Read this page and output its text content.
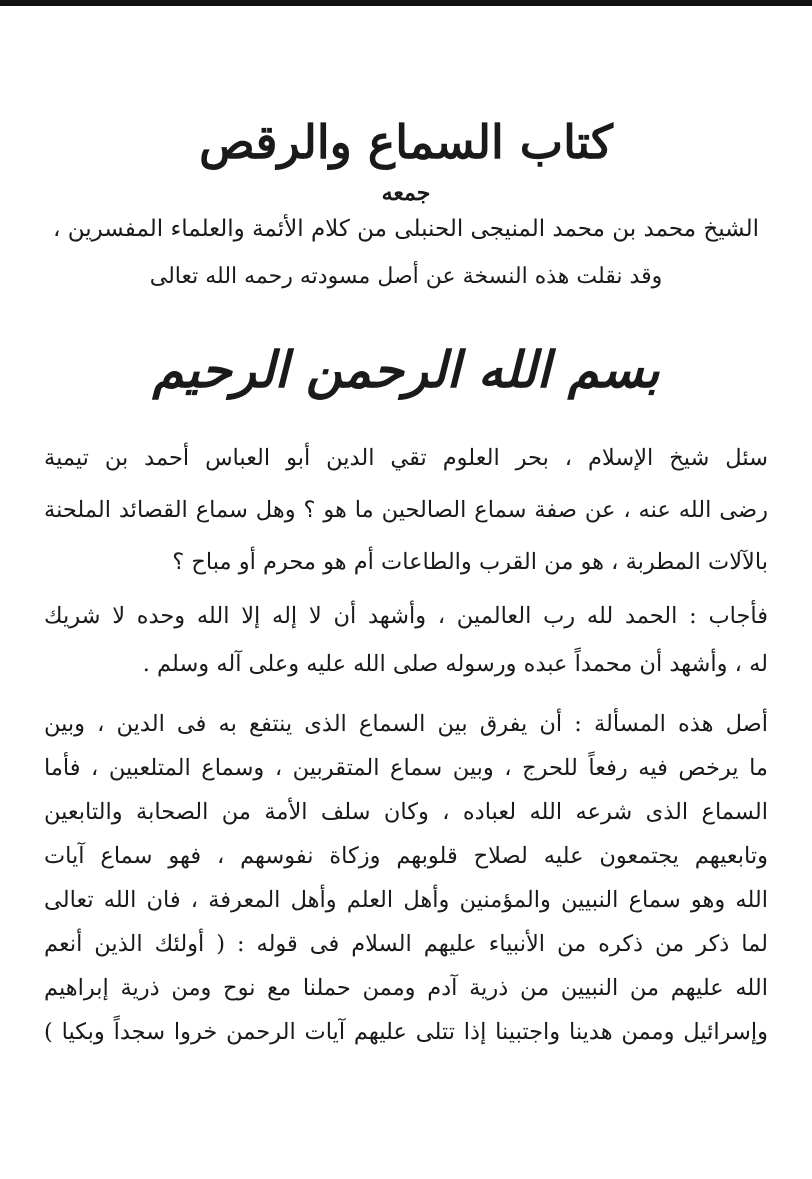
كتاب السماع والرقص
جمعه
الشيخ محمد بن محمد المنيجى الحنبلى من كلام الأئمة والعلماء المفسرين ،
وقد نقلت هذه النسخة عن أصل مسودته رحمه الله تعالى
بسم الله الرحمن الرحيم

سئل شيخ الإسلام ، بحر العلوم تقي الدين أبو العباس أحمد بن تيمية
رضى الله عنه ، عن صفة سماع الصالحين ما هو ؟ وهل سماع القصائد الملحنة
بالآلات المطربة ، هو من القرب والطاعات أم هو محرم أو مباح ؟

فأجاب : الحمد لله رب العالمين ، وأشهد أن لا إله إلا الله وحده لا شريك
له ، وأشهد أن محمداً عبده ورسوله صلى الله عليه وعلى آله وسلم .

أصل هذه المسألة : أن يفرق بين السماع الذى ينتفع به فى الدين ، وبين
ما يرخص فيه رفعاً للحرج ، وبين سماع المتقربين ، وسماع المتلعبين ، فأما
السماع الذى شرعه الله لعباده ، وكان سلف الأمة من الصحابة والتابعين
وتابعيهم يجتمعون عليه لصلاح قلوبهم وزكاة نفوسهم ، فهو سماع آيات
الله وهو سماع النبيين والمؤمنين وأهل العلم وأهل المعرفة ، فان الله تعالى
لما ذكر من ذكره من الأنبياء عليهم السلام فى قوله : ( أولئك الذين أنعم
الله عليهم من النبيين من ذرية آدم وممن حملنا مع نوح ومن ذرية إبراهيم
وإسرائيل وممن هدينا واجتبينا إذا تتلى عليهم آيات الرحمن خروا سجداً وبكيا )
